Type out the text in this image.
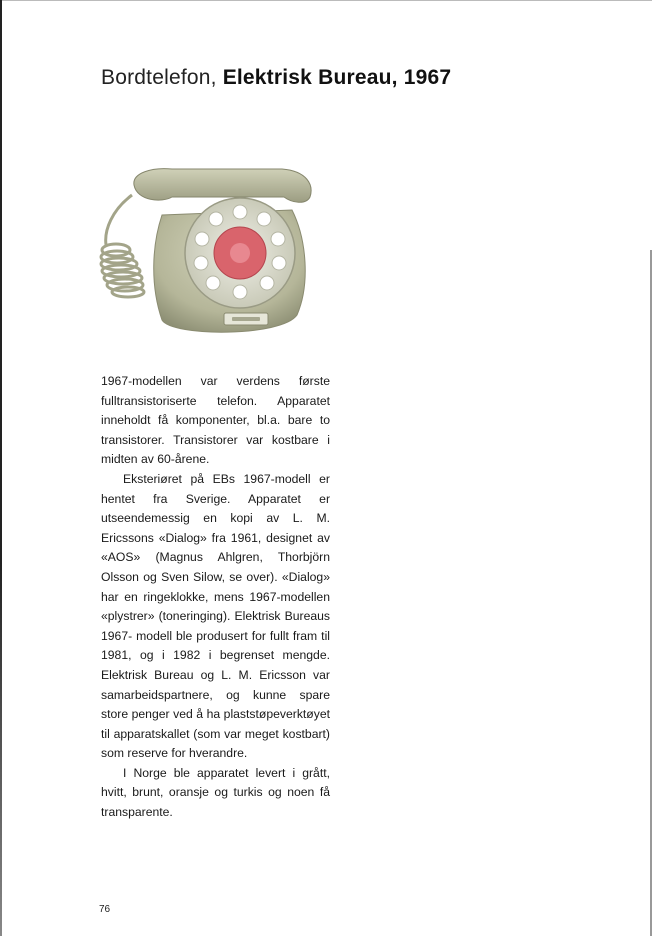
Bordtelefon, Elektrisk Bureau, 1967

1967-modellen var verdens første fulltransistoriserte telefon. Apparatet inneholdt få komponenter, bl.a. bare to transistorer. Transistorer var kostbare i midten av 60-årene.

Eksteriøret på EBs 1967-modell er hentet fra Sverige. Apparatet er utseendemessig en kopi av L. M. Ericssons «Dialog» fra 1961, designet av «AOS» (Magnus Ahlgren, Thorbjörn Olsson og Sven Silow, se over). «Dialog» har en ringeklokke, mens 1967-modellen «plystrer» (toneringing). Elektrisk Bureaus 1967- modell ble produsert for fullt fram til 1981, og i 1982 i begrenset mengde. Elektrisk Bureau og L. M. Ericsson var samarbeidspartnere, og kunne spare store penger ved å ha plaststøpeverktøyet til apparatskallet (som var meget kostbart) som reserve for hverandre.

I Norge ble apparatet levert i grått, hvitt, brunt, oransje og turkis og noen få transparente.

76
